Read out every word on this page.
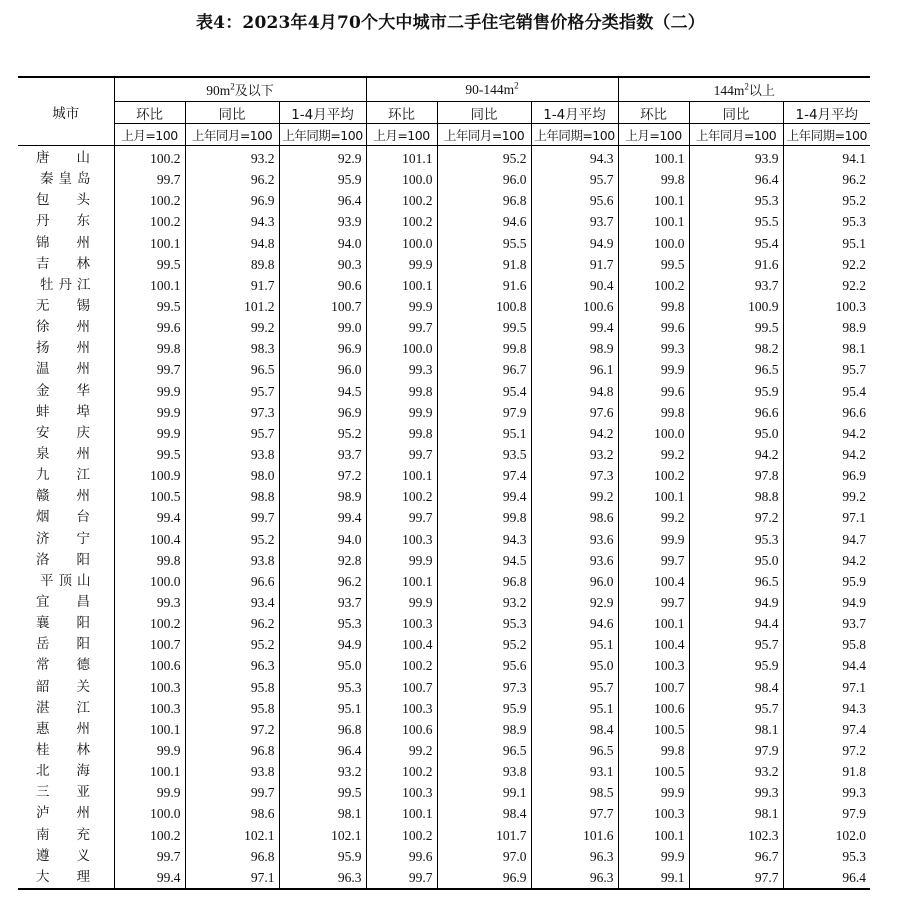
表4：2023年4月70个大中城市二手住宅销售价格分类指数（二）
城市	$90m^2$及以下			$90-144m^2$			$144m^2$以上		
	环比	同比	1-4月平均	环比	同比	1-4月平均	环比	同比	1-4月平均
	上月=100	上年同月=100	上年同期=100	上月=100	上年同月=100	上年同期=100	上月=100	上年同月=100	上年同期=100
唐　　山	100.2	93.2	92.9	101.1	95.2	94.3	100.1	93.9	94.1
秦皇岛	99.7	96.2	95.9	100.0	96.0	95.7	99.8	96.4	96.2
包　　头	100.2	96.9	96.4	100.2	96.8	95.6	100.1	95.3	95.2
丹　　东	100.2	94.3	93.9	100.2	94.6	93.7	100.1	95.5	95.3
锦　　州	100.1	94.8	94.0	100.0	95.5	94.9	100.0	95.4	95.1
吉　　林	99.5	89.8	90.3	99.9	91.8	91.7	99.5	91.6	92.2
牡丹江	100.1	91.7	90.6	100.1	91.6	90.4	100.2	93.7	92.2
无　　锡	99.5	101.2	100.7	99.9	100.8	100.6	99.8	100.9	100.3
徐　　州	99.6	99.2	99.0	99.7	99.5	99.4	99.6	99.5	98.9
扬　　州	99.8	98.3	96.9	100.0	99.8	98.9	99.3	98.2	98.1
温　　州	99.7	96.5	96.0	99.3	96.7	96.1	99.9	96.5	95.7
金　　华	99.9	95.7	94.5	99.8	95.4	94.8	99.6	95.9	95.4
蚌　　埠	99.9	97.3	96.9	99.9	97.9	97.6	99.8	96.6	96.6
安　　庆	99.9	95.7	95.2	99.8	95.1	94.2	100.0	95.0	94.2
泉　　州	99.5	93.8	93.7	99.7	93.5	93.2	99.2	94.2	94.2
九　　江	100.9	98.0	97.2	100.1	97.4	97.3	100.2	97.8	96.9
赣　　州	100.5	98.8	98.9	100.2	99.4	99.2	100.1	98.8	99.2
烟　　台	99.4	99.7	99.4	99.7	99.8	98.6	99.2	97.2	97.1
济　　宁	100.4	95.2	94.0	100.3	94.3	93.6	99.9	95.3	94.7
洛　　阳	99.8	93.8	92.8	99.9	94.5	93.6	99.7	95.0	94.2
平顶山	100.0	96.6	96.2	100.1	96.8	96.0	100.4	96.5	95.9
宜　　昌	99.3	93.4	93.7	99.9	93.2	92.9	99.7	94.9	94.9
襄　　阳	100.2	96.2	95.3	100.3	95.3	94.6	100.1	94.4	93.7
岳　　阳	100.7	95.2	94.9	100.4	95.2	95.1	100.4	95.7	95.8
常　　德	100.6	96.3	95.0	100.2	95.6	95.0	100.3	95.9	94.4
韶　　关	100.3	95.8	95.3	100.7	97.3	95.7	100.7	98.4	97.1
湛　　江	100.3	95.8	95.1	100.3	95.9	95.1	100.6	95.7	94.3
惠　　州	100.1	97.2	96.8	100.6	98.9	98.4	100.5	98.1	97.4
桂　　林	99.9	96.8	96.4	99.2	96.5	96.5	99.8	97.9	97.2
北　　海	100.1	93.8	93.2	100.2	93.8	93.1	100.5	93.2	91.8
三　　亚	99.9	99.7	99.5	100.3	99.1	98.5	99.9	99.3	99.3
泸　　州	100.0	98.6	98.1	100.1	98.4	97.7	100.3	98.1	97.9
南　　充	100.2	102.1	102.1	100.2	101.7	101.6	100.1	102.3	102.0
遵　　义	99.7	96.8	95.9	99.6	97.0	96.3	99.9	96.7	95.3
大　　理	99.4	97.1	96.3	99.7	96.9	96.3	99.1	97.7	96.4
